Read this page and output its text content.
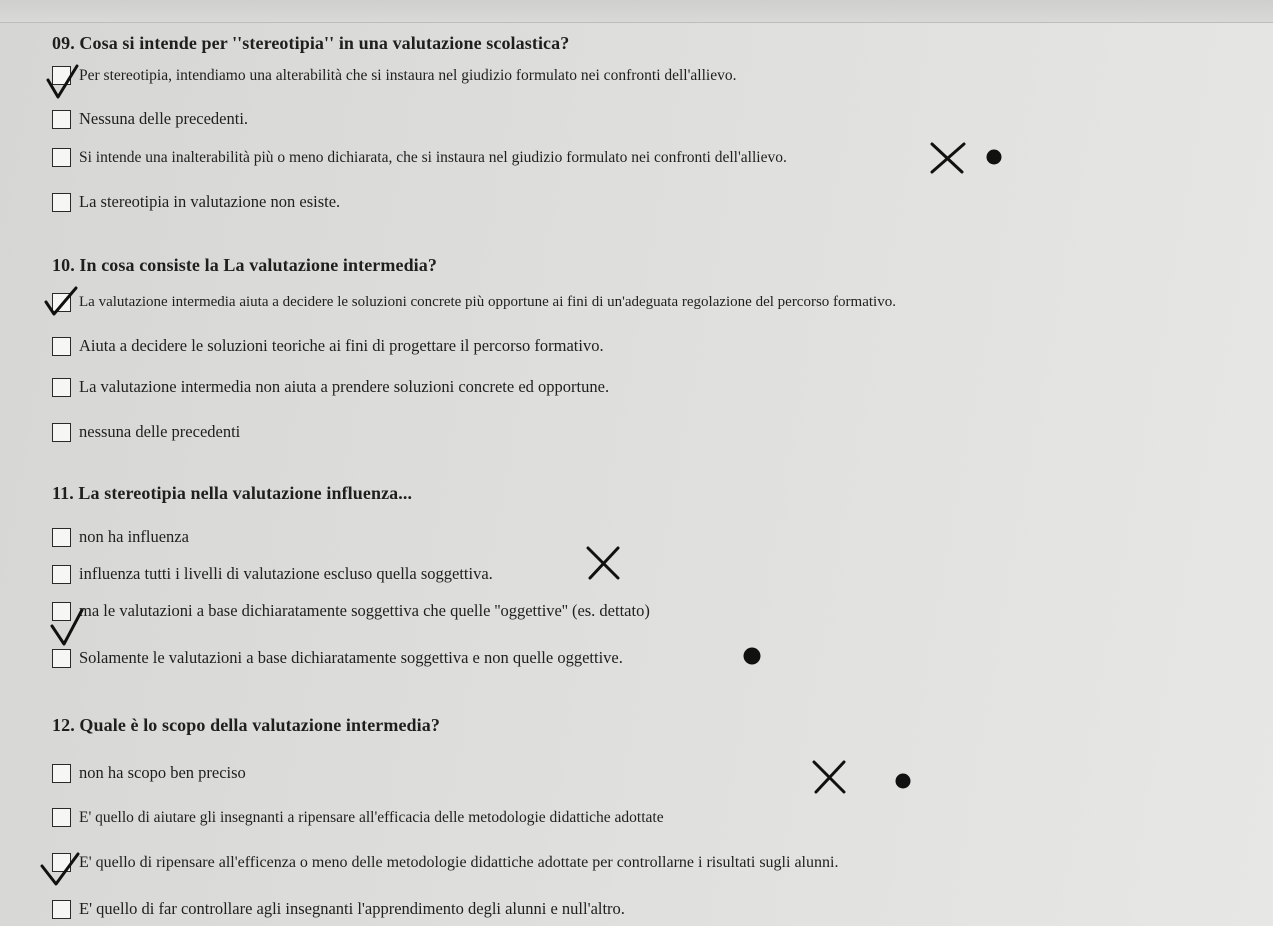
09. Cosa si intende per ''stereotipia'' in una valutazione scolastica?
Per stereotipia, intendiamo una alterabilità che si instaura nel giudizio formulato nei confronti dell'allievo.
Nessuna delle precedenti.
Si intende una inalterabilità più o meno dichiarata, che si instaura nel giudizio formulato nei confronti dell'allievo.
La stereotipia in valutazione non esiste.
10. In cosa consiste la La valutazione intermedia?
La valutazione intermedia aiuta a decidere le soluzioni concrete più opportune ai fini di un'adeguata regolazione del percorso formativo.
Aiuta a decidere le soluzioni teoriche ai fini di progettare il percorso formativo.
La valutazione intermedia non aiuta a prendere soluzioni concrete ed opportune.
nessuna delle precedenti
11. La stereotipia nella valutazione influenza...
non ha influenza
influenza tutti i livelli di valutazione escluso quella soggettiva.
ma le valutazioni a base dichiaratamente soggettiva che quelle ''oggettive'' (es. dettato)
Solamente le valutazioni a base dichiaratamente soggettiva e non quelle oggettive.
12. Quale è lo scopo della valutazione intermedia?
non ha scopo ben preciso
E' quello di aiutare gli insegnanti a ripensare all'efficacia delle metodologie didattiche adottate
E' quello di ripensare all'efficenza o meno delle metodologie didattiche adottate per controllarne i risultati sugli alunni.
E' quello di far controllare agli insegnanti l'apprendimento degli alunni e null'altro.
